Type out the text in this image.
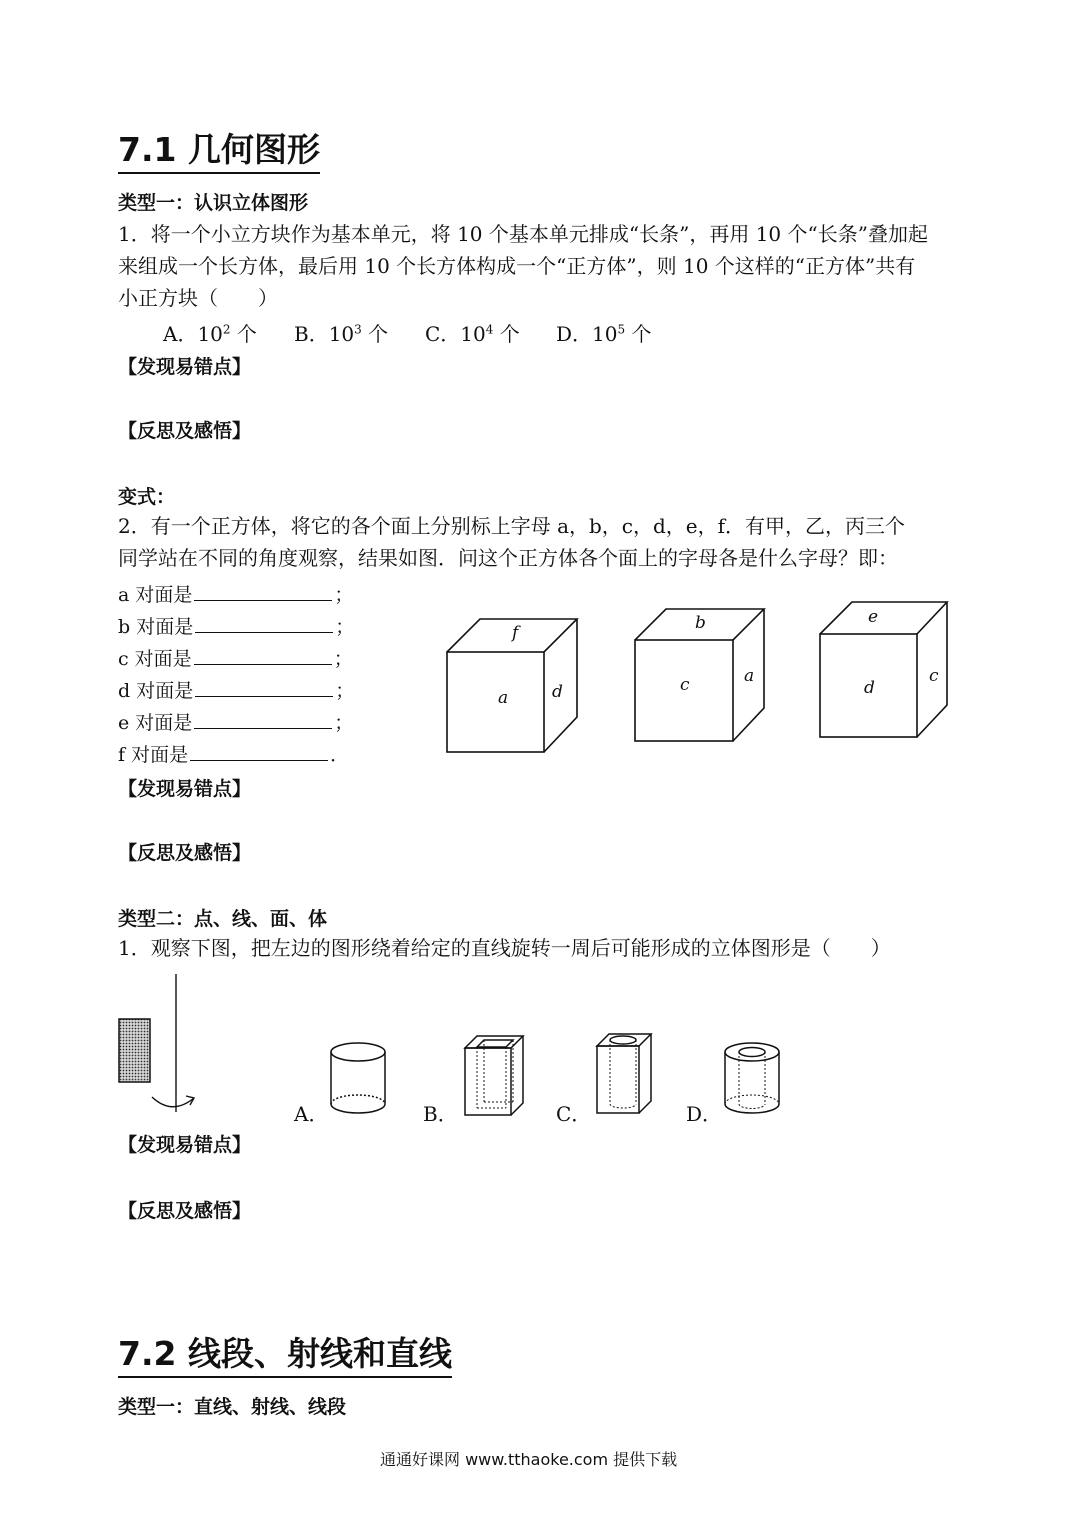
7.1 几何图形
类型一：认识立体图形
1．将一个小立方块作为基本单元，将 10 个基本单元排成“长条”，再用 10 个“长条”叠加起
来组成一个长方体，最后用 10 个长方体构成一个“正方体”，则 10 个这样的“正方体”共有
小正方块（　　）
A．$10^2$ 个 B．$10^3$ 个 C．$10^4$ 个 D．$10^5$ 个
【发现易错点】
【反思及感悟】
变式：
2．有一个正方体，将它的各个面上分别标上字母 a，b，c，d，e，f．有甲，乙，丙三个
同学站在不同的角度观察，结果如图．问这个正方体各个面上的字母各是什么字母？即：
a 对面是	；
b 对面是	；
c 对面是	；
d 对面是	；
e 对面是	；
f 对面是	．
f
a	d
b
c	a
e
d
c
【发现易错点】
【反思及感悟】
类型二：点、线、面、体
1．观察下图，把左边的图形绕着给定的直线旋转一周后可能形成的立体图形是（　　）
A．	B．	C．	D．
【发现易错点】
【反思及感悟】
7.2 线段、射线和直线
类型一：直线、射线、线段
通通好课网 www.tthaoke.com 提供下载
